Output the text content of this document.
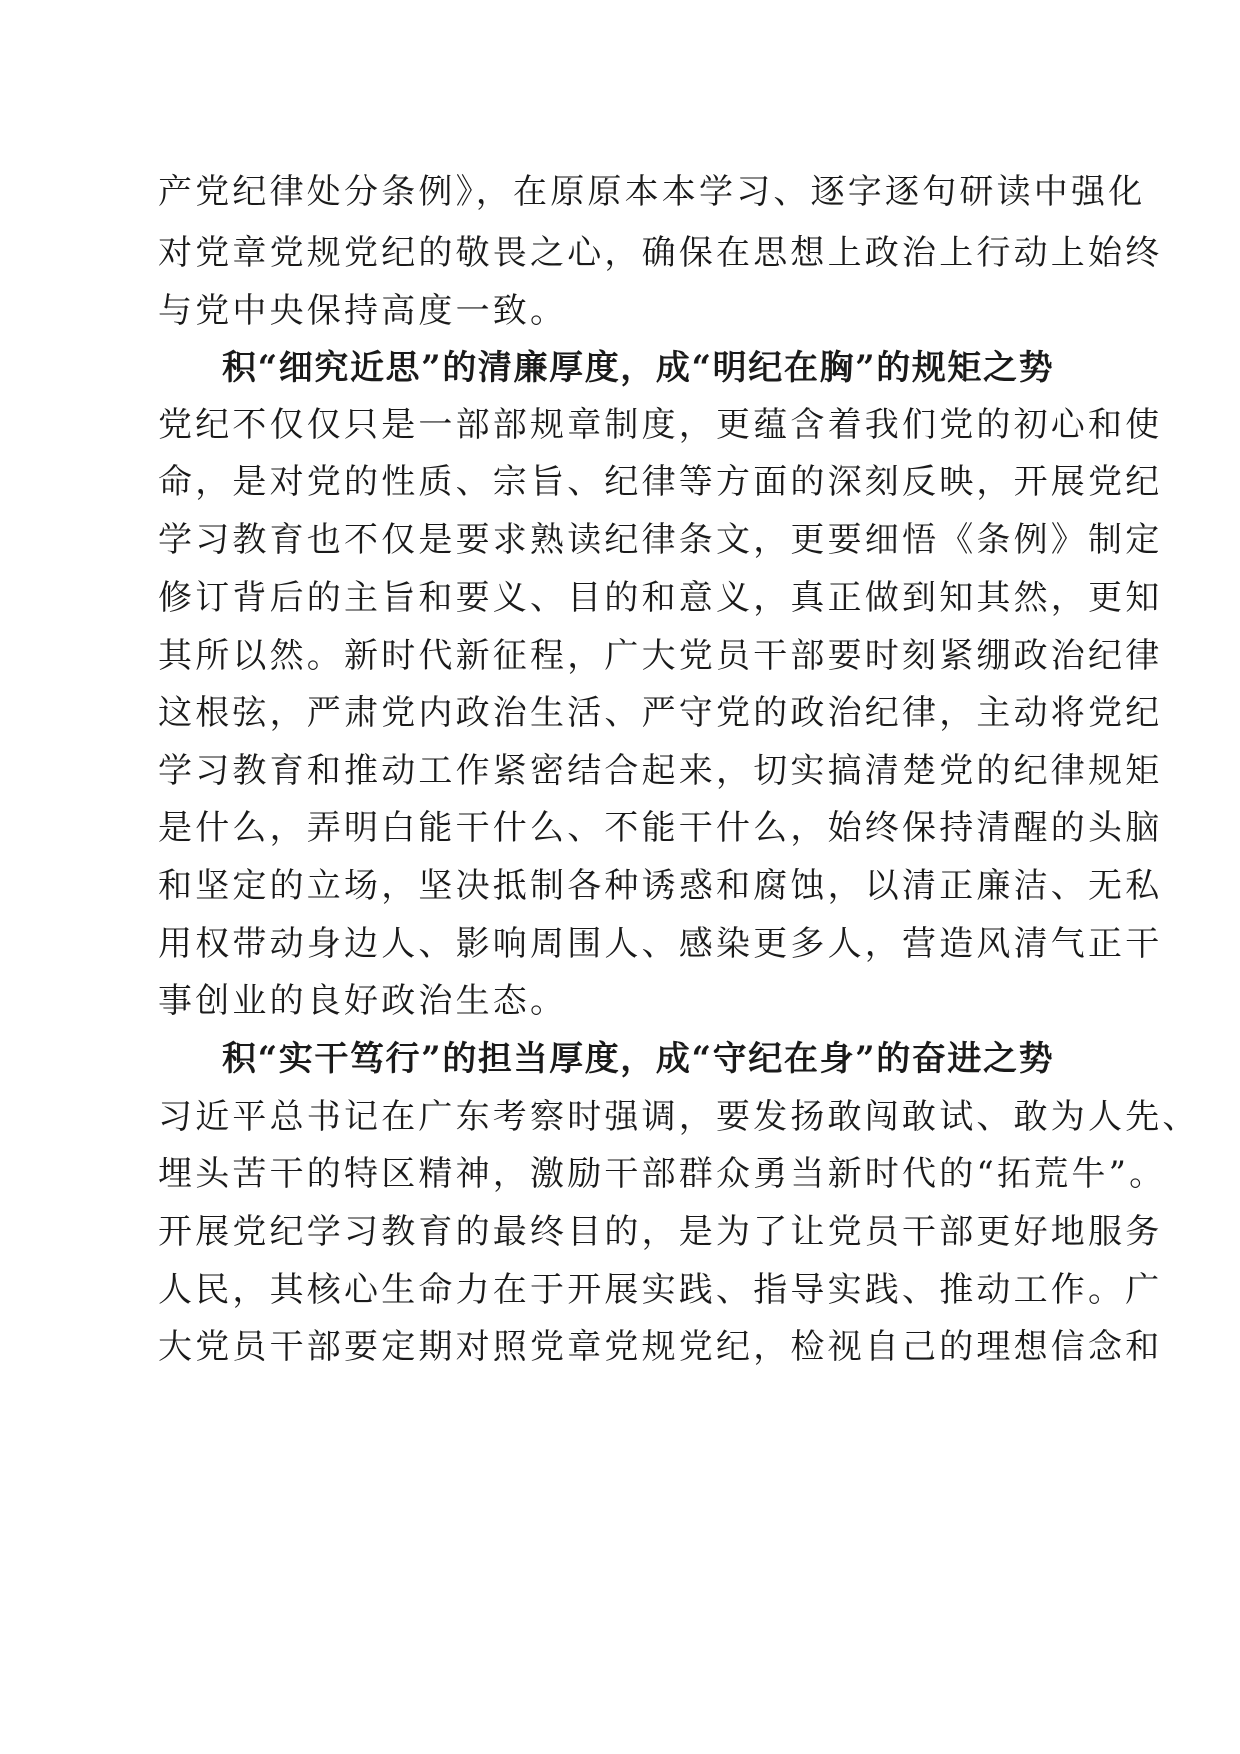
产党纪律处分条例》，在原原本本学习、逐字逐句研读中强化
对党章党规党纪的敬畏之心，确保在思想上政治上行动上始终
与党中央保持高度一致。
积“细究近思”的清廉厚度，成“明纪在胸”的规矩之势
党纪不仅仅只是一部部规章制度，更蕴含着我们党的初心和使
命，是对党的性质、宗旨、纪律等方面的深刻反映，开展党纪
学习教育也不仅是要求熟读纪律条文，更要细悟《条例》制定
修订背后的主旨和要义、目的和意义，真正做到知其然，更知
其所以然。新时代新征程，广大党员干部要时刻紧绷政治纪律
这根弦，严肃党内政治生活、严守党的政治纪律，主动将党纪
学习教育和推动工作紧密结合起来，切实搞清楚党的纪律规矩
是什么，弄明白能干什么、不能干什么，始终保持清醒的头脑
和坚定的立场，坚决抵制各种诱惑和腐蚀，以清正廉洁、无私
用权带动身边人、影响周围人、感染更多人，营造风清气正干
事创业的良好政治生态。
积“实干笃行”的担当厚度，成“守纪在身”的奋进之势
习近平总书记在广东考察时强调，要发扬敢闯敢试、敢为人先、
埋头苦干的特区精神，激励干部群众勇当新时代的“拓荒牛”。
开展党纪学习教育的最终目的，是为了让党员干部更好地服务
人民，其核心生命力在于开展实践、指导实践、推动工作。广
大党员干部要定期对照党章党规党纪，检视自己的理想信念和
